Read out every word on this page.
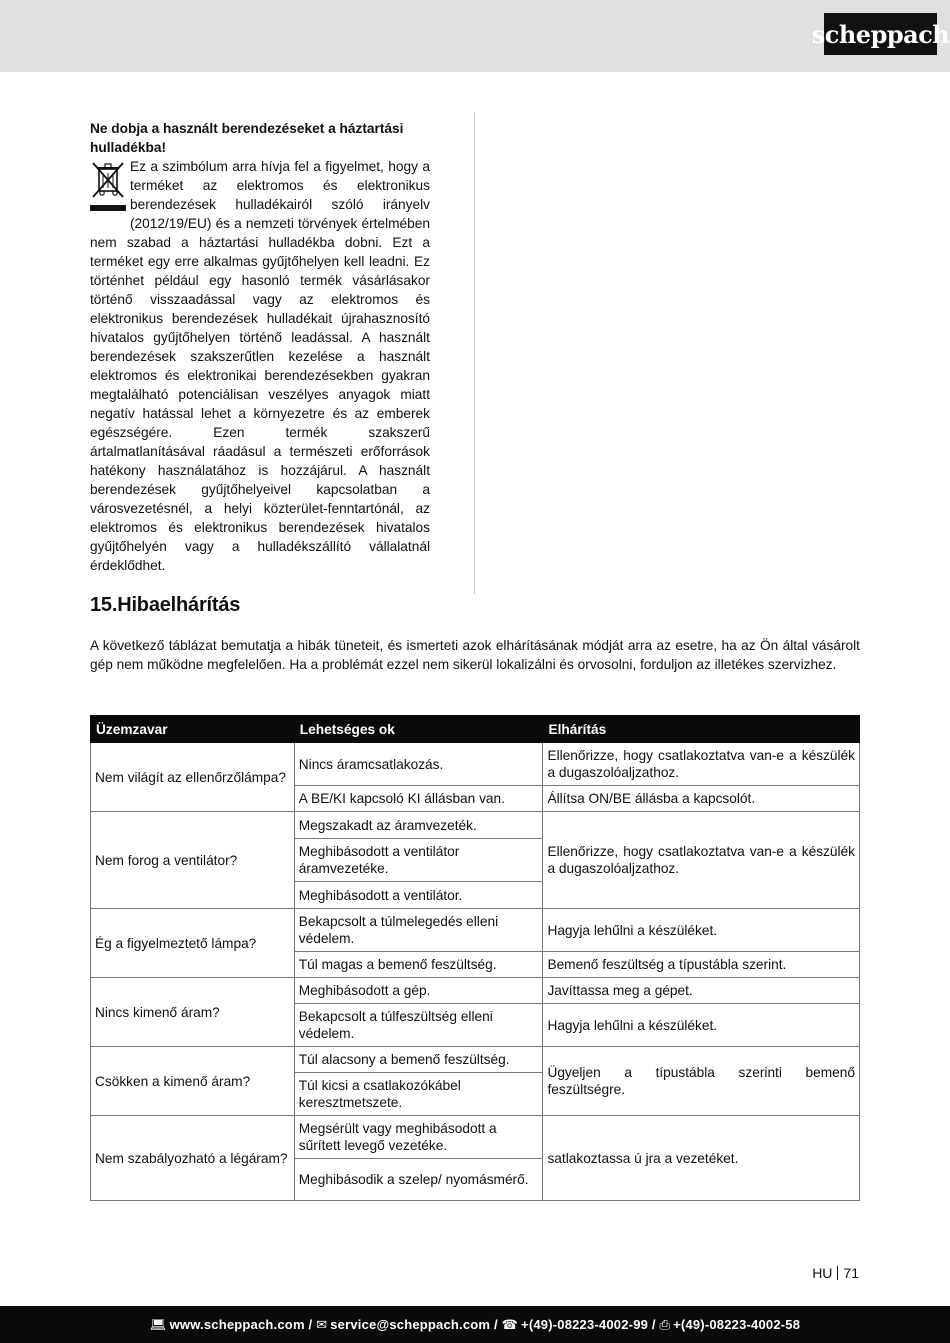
scheppach
Ne dobja a használt berendezéseket a háztartási hulladékba!
Ez a szimbólum arra hívja fel a figyelmet, hogy a terméket az elektromos és elektronikus berendezések hulladékairól szóló irányelv (2012/19/EU) és a nemzeti törvények értelmében nem szabad a háztartási hulladékba dobni. Ezt a terméket egy erre alkalmas gyűjtőhelyen kell leadni. Ez történhet például egy hasonló termék vásárlásakor történő visszaadással vagy az elektromos és elektronikus berendezések hulladékait újrahasznosító hivatalos gyűjtőhelyen történő leadással. A használt berendezések szakszerűtlen kezelése a használt elektromos és elektronikai berendezésekben gyakran megtalálható potenciálisan veszélyes anyagok miatt negatív hatással lehet a környezetre és az emberek egészségére. Ezen termék szakszerű ártalmatlanításával ráadásul a természeti erőforrások hatékony használatához is hozzájárul. A használt berendezések gyűjtőhelyeivel kapcsolatban a városvezetésnél, a helyi közterület-fenntartónál, az elektromos és elektronikus berendezések hivatalos gyűjtőhelyén vagy a hulladékszállító vállalatnál érdeklődhet.
15.Hibaelhárítás
A következő táblázat bemutatja a hibák tüneteit, és ismerteti azok elhárításának módját arra az esetre, ha az Ön által vásárolt gép nem működne megfelelően. Ha a problémát ezzel nem sikerül lokalizálni és orvosolni, forduljon az illetékes szervizhez.
Üzemzavar	Lehetséges ok	Elhárítás
Nem világít az ellenőrzőlámpa?	Nincs áramcsatlakozás.	Ellenőrizze, hogy csatlakoztatva van-e a készülék a dugaszolóaljzathoz.
	A BE/KI kapcsoló KI állásban van.	Állítsa ON/BE állásba a kapcsolót.
Nem forog a ventilátor?	Megszakadt az áramvezeték.	Ellenőrizze, hogy csatlakoztatva van-e a készülék a dugaszolóaljzathoz.
	Meghibásodott a ventilátor áramvezetéke.	
	Meghibásodott a ventilátor.	
Ég a figyelmeztető lámpa?	Bekapcsolt a túlmelegedés elleni védelem.	Hagyja lehűlni a készüléket.
	Túl magas a bemenő feszültség.	Bemenő feszültség a típustábla szerint.
Nincs kimenő áram?	Meghibásodott a gép.	Javíttassa meg a gépet.
	Bekapcsolt a túlfeszültség elleni védelem.	Hagyja lehűlni a készüléket.
Csökken a kimenő áram?	Túl alacsony a bemenő feszültség.	Ügyeljen a típustábla szerinti bemenő feszültségre.
	Túl kicsi a csatlakozókábel keresztmetszete.	
Nem szabályozható a légáram?	Megsérült vagy meghibásodott a sűrített levegő vezetéke.	satlakoztassa ú jra a vezetéket.
	Meghibásodik a szelep/ nyomásmérő.	
HU 71
💻︎ www.scheppach.com /
✉ service@scheppach.com /
☎ +(49)-08223-4002-99 /
⎙ +(49)-08223-4002-58
